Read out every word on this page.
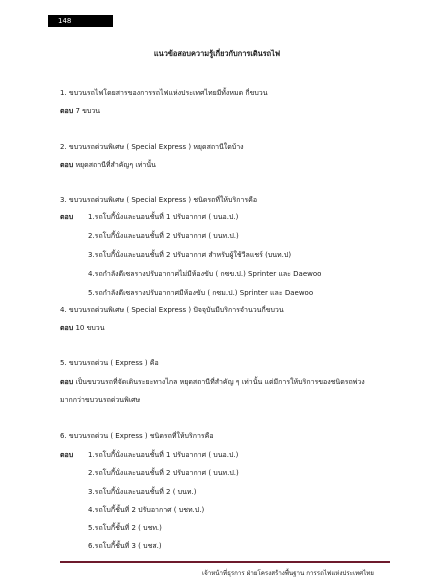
148
แนวข้อสอบความรู้เกี่ยวกับการเดินรถไฟ
1. ขบวนรถไฟโดยสารของการรถไฟแห่งประเทศไทยมีทั้งหมด กี่ขบวน
ตอบ 7 ขบวน
2. ขบวนรถด่วนพิเศษ ( Special Express ) หยุดสถานีใดบ้าง
ตอบ หยุดสถานีที่สำคัญๆ เท่านั้น
3. ขบวนรถด่วนพิเศษ ( Special Express ) ชนิดรถที่ให้บริการคือ
ตอบ 1.รถโบกี้นั่งและนอนชั้นที่ 1 ปรับอากาศ ( บนอ.ป.)
2.รถโบกี้นั่งและนอนชั้นที่ 2 ปรับอากาศ ( บนท.ป.)
3.รถโบกี้นั่งและนอนชั้นที่ 2 ปรับอากาศ สำหรับผู้ใช้วีลแชร์ (บนท.ป)
4.รถกำลังดีเซลรางปรับอากาศไม่มีห้องขับ ( กซข.ป.) Sprinter และ Daewoo
5.รถกำลังดีเซลรางปรับอากาศมีห้องขับ ( กซม.ป.) Sprinter และ Daewoo
4. ขบวนรถด่วนพิเศษ ( Special Express ) ปัจจุบันมีบริการจำนวนกี่ขบวน
ตอบ 10 ขบวน
5. ขบวนรถด่วน ( Express ) คือ
ตอบ เป็นขบวนรถที่จัดเดินระยะทางไกล หยุดสถานีที่สำคัญ ๆ เท่านั้น แต่มีการให้บริการของชนิดรถพ่วง
มากกว่าขบวนรถด่วนพิเศษ
6. ขบวนรถด่วน ( Express ) ชนิดรถที่ให้บริการคือ
ตอบ 1.รถโบกี้นั่งและนอนชั้นที่ 1 ปรับอากาศ ( บนอ.ป.)
2.รถโบกี้นั่งและนอนชั้นที่ 2 ปรับอากาศ ( บนท.ป.)
3.รถโบกี้นั่งและนอนชั้นที่ 2 ( บนท.)
4.รถโบกี้ชั้นที่ 2 ปรับอากาศ ( บชท.ป.)
5.รถโบกี้ชั้นที่ 2 ( บชท.)
6.รถโบกี้ชั้นที่ 3 ( บชส.)
เจ้าหน้าที่ธุรการ ฝ่ายโครงสร้างพื้นฐาน การรถไฟแห่งประเทศไทย
